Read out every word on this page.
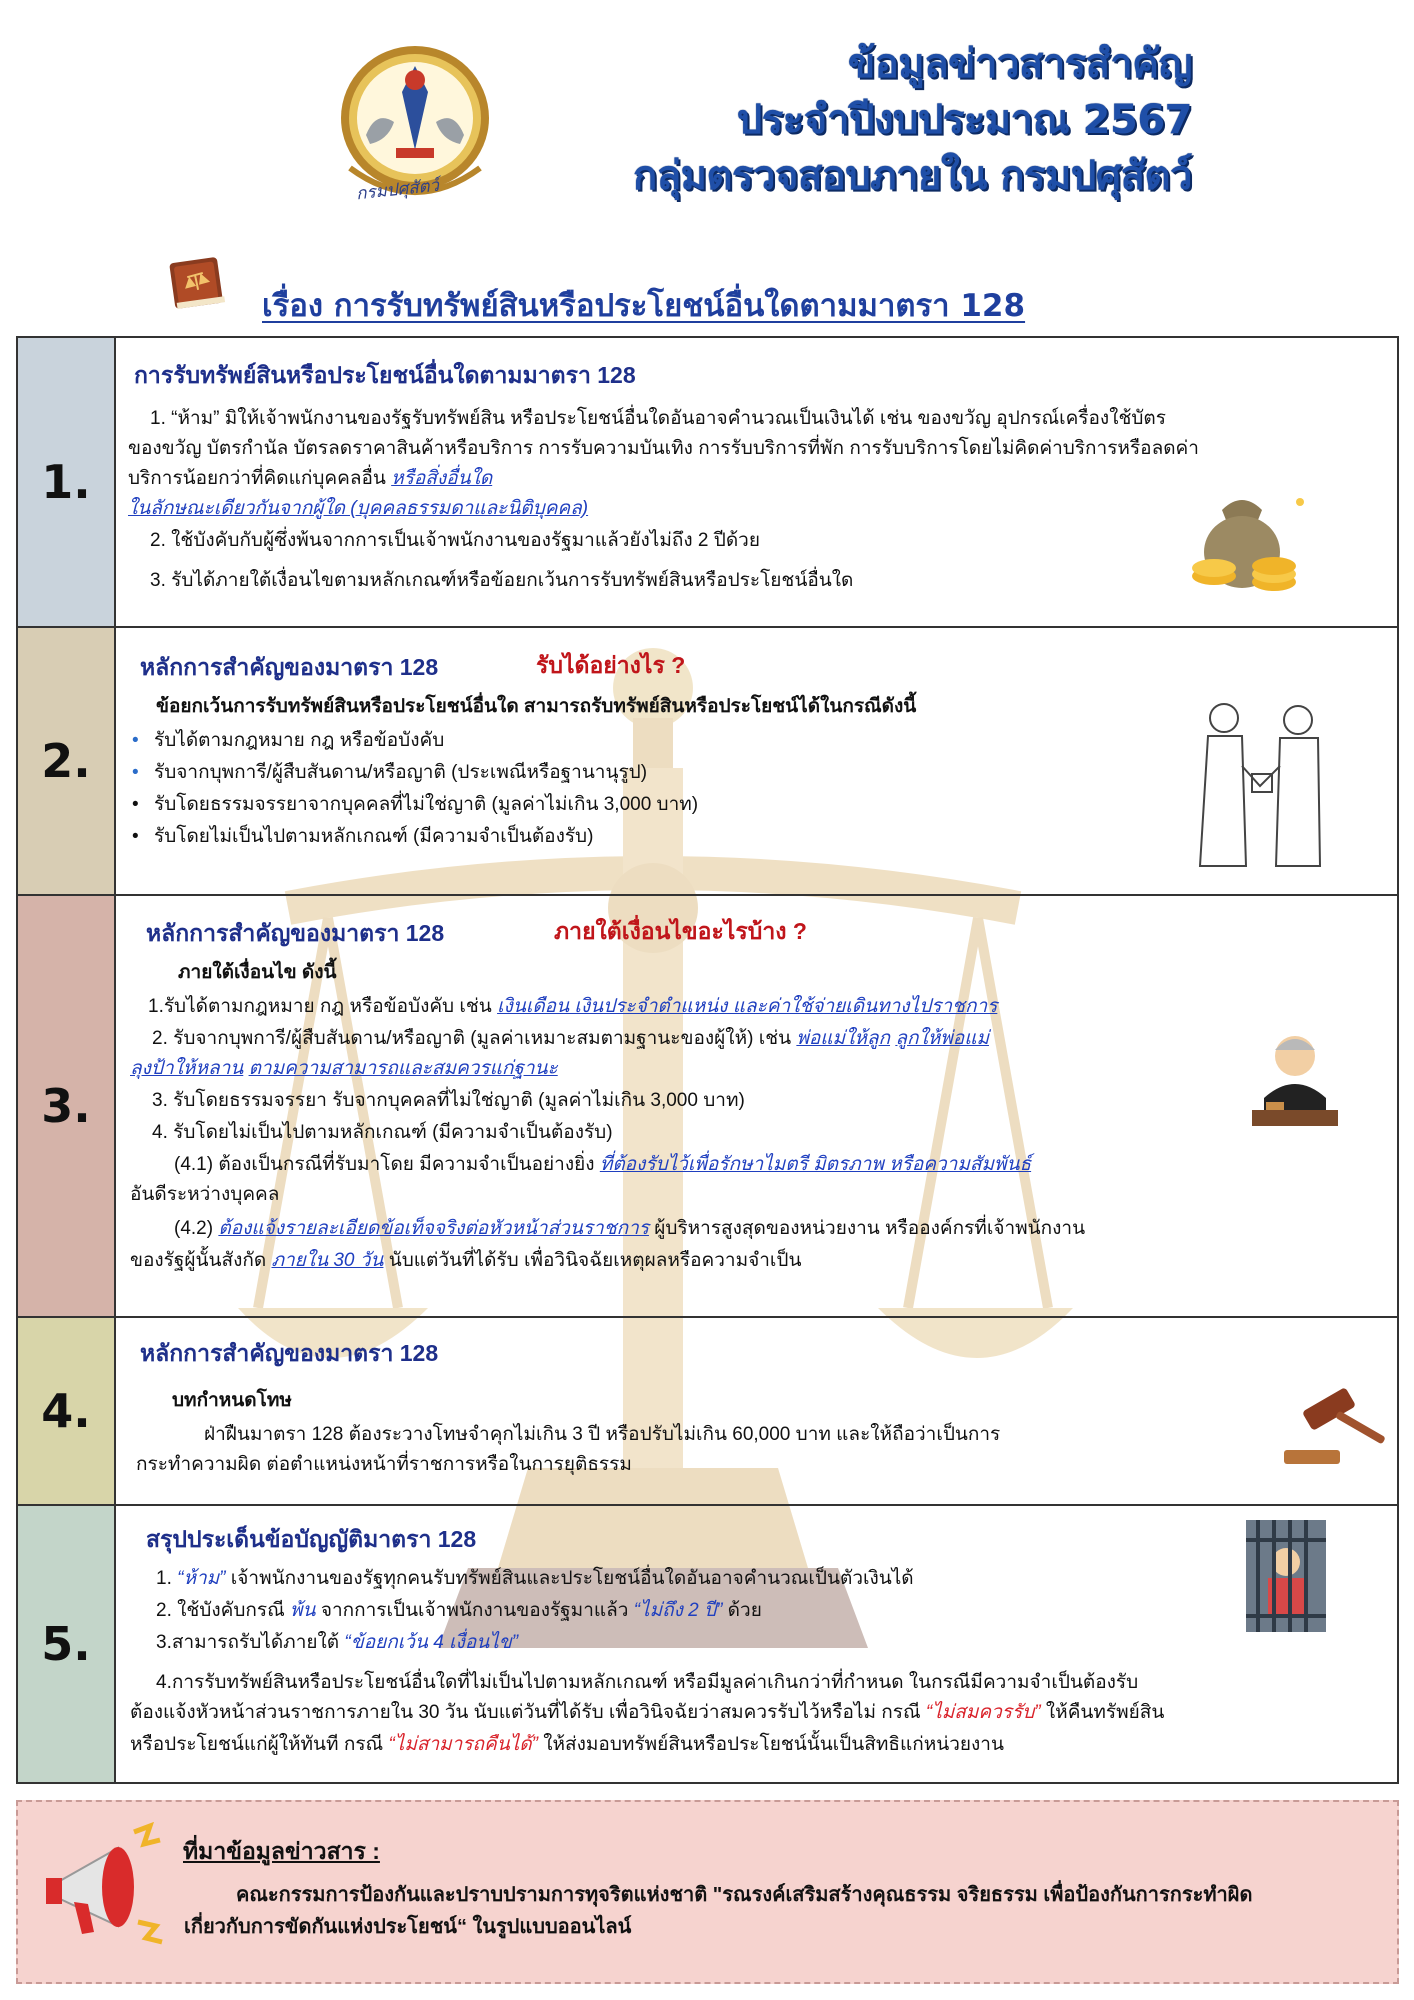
กรมปศุสัตว์

ข้อมูลข่าวสารสำคัญ
ประจำปีงบประมาณ 2567
กลุ่มตรวจสอบภายใน กรมปศุสัตว์

เรื่อง การรับทรัพย์สินหรือประโยชน์อื่นใดตามมาตรา 128

1.

การรับทรัพย์สินหรือประโยชน์อื่นใดตามมาตรา 128

1. “ห้าม” มิให้เจ้าพนักงานของรัฐรับทรัพย์สิน หรือประโยชน์อื่นใดอันอาจคำนวณเป็นเงินได้ เช่น ของขวัญ อุปกรณ์เครื่องใช้บัตร

ของขวัญ บัตรกำนัล บัตรลดราคาสินค้าหรือบริการ การรับความบันเทิง การรับบริการที่พัก การรับบริการโดยไม่คิดค่าบริการหรือลดค่า

บริการน้อยกว่าที่คิดแก่บุคคลอื่น หรือสิ่งอื่นใด

ในลักษณะเดียวกันจากผู้ใด (บุคคลธรรมดาและนิติบุคคล)

2. ใช้บังคับกับผู้ซึ่งพ้นจากการเป็นเจ้าพนักงานของรัฐมาแล้วยังไม่ถึง 2 ปีด้วย

3. รับได้ภายใต้เงื่อนไขตามหลักเกณฑ์หรือข้อยกเว้นการรับทรัพย์สินหรือประโยชน์อื่นใด

2.

หลักการสำคัญของมาตรา 128	รับได้อย่างไร ?

ข้อยกเว้นการรับทรัพย์สินหรือประโยชน์อื่นใด สามารถรับทรัพย์สินหรือประโยชน์ได้ในกรณีดังนี้

• รับได้ตามกฎหมาย กฎ หรือข้อบังคับ

• รับจากบุพการี/ผู้สืบสันดาน/หรือญาติ (ประเพณีหรือฐานานุรูป)

• รับโดยธรรมจรรยาจากบุคคลที่ไม่ใช่ญาติ (มูลค่าไม่เกิน 3,000 บาท)

• รับโดยไม่เป็นไปตามหลักเกณฑ์ (มีความจำเป็นต้องรับ)

3.

หลักการสำคัญของมาตรา 128	ภายใต้เงื่อนไขอะไรบ้าง ?

ภายใต้เงื่อนไข ดังนี้

1.รับได้ตามกฎหมาย กฎ หรือข้อบังคับ เช่น เงินเดือน เงินประจำตำแหน่ง และค่าใช้จ่ายเดินทางไปราชการ

2. รับจากบุพการี/ผู้สืบสันดาน/หรือญาติ (มูลค่าเหมาะสมตามฐานะของผู้ให้) เช่น พ่อแม่ให้ลูก ลูกให้พ่อแม่

ลุงป้าให้หลาน ตามความสามารถและสมควรแก่ฐานะ

3. รับโดยธรรมจรรยา รับจากบุคคลที่ไม่ใช่ญาติ (มูลค่าไม่เกิน 3,000 บาท)

4. รับโดยไม่เป็นไปตามหลักเกณฑ์ (มีความจำเป็นต้องรับ)

(4.1) ต้องเป็นกรณีที่รับมาโดย มีความจำเป็นอย่างยิ่ง ที่ต้องรับไว้เพื่อรักษาไมตรี มิตรภาพ หรือความสัมพันธ์

อันดีระหว่างบุคคล

(4.2) ต้องแจ้งรายละเอียดข้อเท็จจริงต่อหัวหน้าส่วนราชการ ผู้บริหารสูงสุดของหน่วยงาน หรือองค์กรที่เจ้าพนักงาน

ของรัฐผู้นั้นสังกัด ภายใน 30 วัน นับแต่วันที่ได้รับ เพื่อวินิจฉัยเหตุผลหรือความจำเป็น

4.

หลักการสำคัญของมาตรา 128

บทกำหนดโทษ

ฝ่าฝืนมาตรา 128 ต้องระวางโทษจำคุกไม่เกิน 3 ปี หรือปรับไม่เกิน 60,000 บาท และให้ถือว่าเป็นการ

กระทำความผิด ต่อตำแหน่งหน้าที่ราชการหรือในการยุติธรรม

5.

สรุปประเด็นข้อบัญญัติมาตรา 128

1. “ห้าม” เจ้าพนักงานของรัฐทุกคนรับทรัพย์สินและประโยชน์อื่นใดอันอาจคำนวณเป็นตัวเงินได้

2. ใช้บังคับกรณี พ้น จากการเป็นเจ้าพนักงานของรัฐมาแล้ว “ไม่ถึง 2 ปี” ด้วย

3.สามารถรับได้ภายใต้ “ข้อยกเว้น 4 เงื่อนไข”

4.การรับทรัพย์สินหรือประโยชน์อื่นใดที่ไม่เป็นไปตามหลักเกณฑ์ หรือมีมูลค่าเกินกว่าที่กำหนด ในกรณีมีความจำเป็นต้องรับ

ต้องแจ้งหัวหน้าส่วนราชการภายใน 30 วัน นับแต่วันที่ได้รับ เพื่อวินิจฉัยว่าสมควรรับไว้หรือไม่ กรณี “ไม่สมควรรับ” ให้คืนทรัพย์สิน

หรือประโยชน์แก่ผู้ให้ทันที กรณี “ไม่สามารถคืนได้” ให้ส่งมอบทรัพย์สินหรือประโยชน์นั้นเป็นสิทธิแก่หน่วยงาน

ที่มาข้อมูลข่าวสาร :

คณะกรรมการป้องกันและปราบปรามการทุจริตแห่งชาติ "รณรงค์เสริมสร้างคุณธรรม จริยธรรม เพื่อป้องกันการกระทำผิด

เกี่ยวกับการขัดกันแห่งประโยชน์“ ในรูปแบบออนไลน์
